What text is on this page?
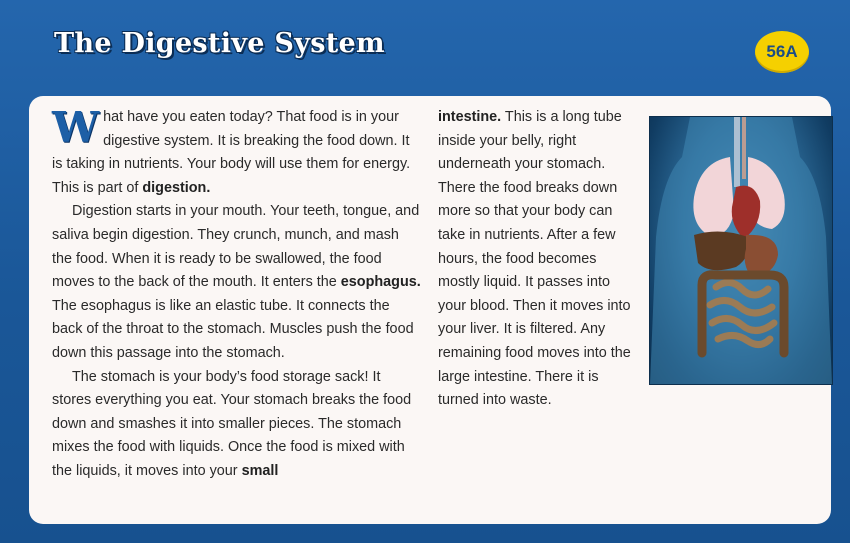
The Digestive System	56A

What have you eaten today? That food is in your digestive system. It is breaking the food down. It is taking in nutrients. Your body will use them for energy. This is part of digestion.

Digestion starts in your mouth. Your teeth, tongue, and saliva begin digestion. They crunch, munch, and mash the food. When it is ready to be swallowed, the food moves to the back of the mouth. It enters the esophagus. The esophagus is like an elastic tube. It connects the back of the throat to the stomach. Muscles push the food down this passage into the stomach.

The stomach is your body’s food storage sack! It stores everything you eat. Your stomach breaks the food down and smashes it into smaller pieces. The stomach mixes the food with liquids. Once the food is mixed with the liquids, it moves into your small

intestine.
This is a long tube inside your belly, right underneath your stomach. There the food breaks down more so that your body can take in nutrients. After a few hours, the food becomes mostly liquid. It passes into your blood. Then it moves into your liver. It is filtered. Any remaining food moves into the large intestine. There it is turned into waste.
